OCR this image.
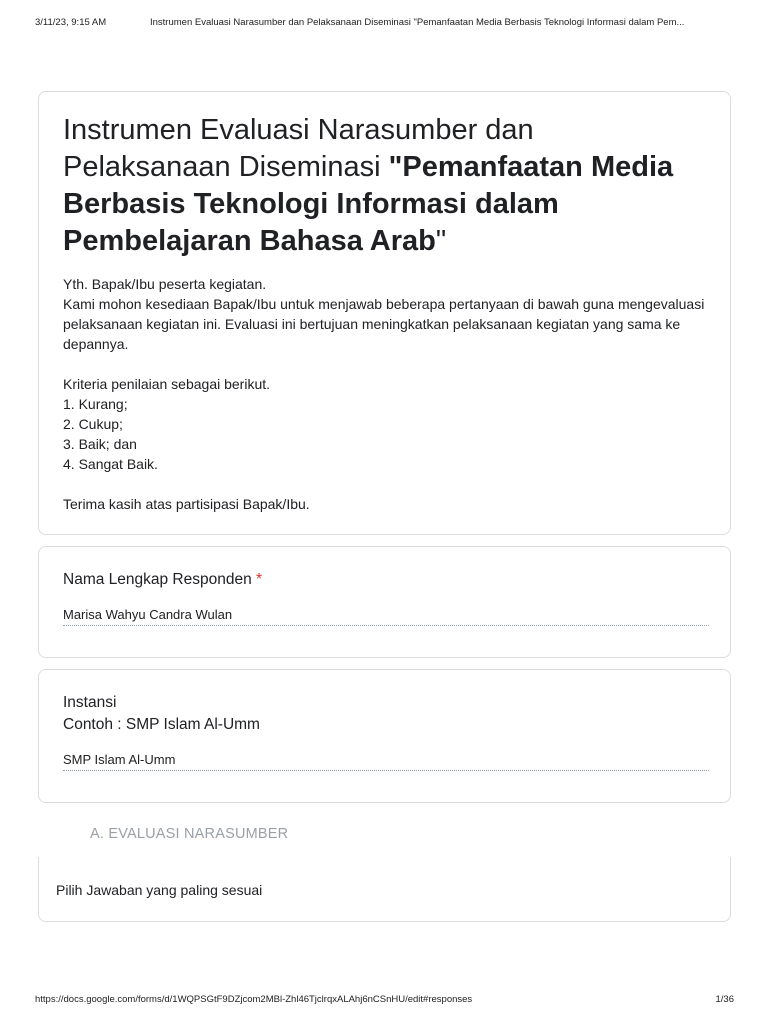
3/11/23, 9:15 AM	Instrumen Evaluasi Narasumber dan Pelaksanaan Diseminasi "Pemanfaatan Media Berbasis Teknologi Informasi dalam Pem...
Instrumen Evaluasi Narasumber dan Pelaksanaan Diseminasi "Pemanfaatan Media Berbasis Teknologi Informasi dalam Pembelajaran Bahasa Arab"
Yth. Bapak/Ibu peserta kegiatan.
Kami mohon kesediaan Bapak/Ibu untuk menjawab beberapa pertanyaan di bawah guna mengevaluasi pelaksanaan kegiatan ini. Evaluasi ini bertujuan meningkatkan pelaksanaan kegiatan yang sama ke depannya.

Kriteria penilaian sebagai berikut.
1. Kurang;
2. Cukup;
3. Baik; dan
4. Sangat Baik.

Terima kasih atas partisipasi Bapak/Ibu.
Nama Lengkap Responden *
Marisa Wahyu Candra Wulan
Instansi
Contoh : SMP Islam Al-Umm
SMP Islam Al-Umm
A. EVALUASI NARASUMBER
Pilih Jawaban yang paling sesuai
https://docs.google.com/forms/d/1WQPSGtF9DZjcom2MBl-Zhl46TjclrqxALAhj6nCSnHU/edit#responses	1/36
